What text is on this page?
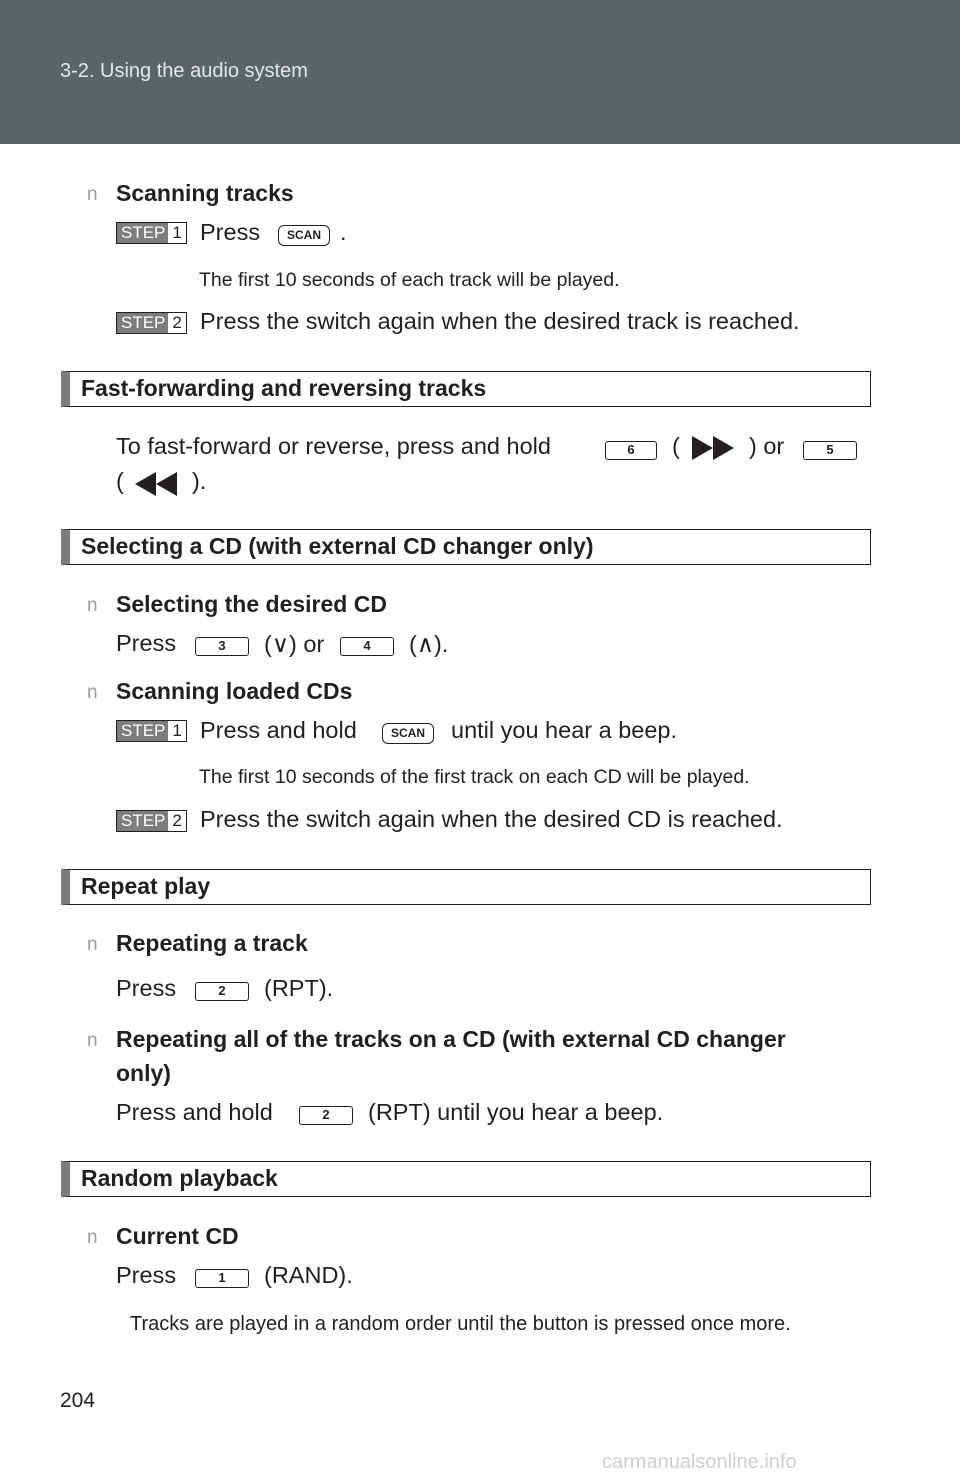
3-2. Using the audio system
n Scanning tracks
STEP 1 Press	SCAN .
The first 10 seconds of each track will be played.
STEP 2 Press the switch again when the desired track is reached.
Fast-forwarding and reversing tracks
To fast-forward or reverse, press and hold	6	(	) or	5
(	).
Selecting a CD (with external CD changer only)
n Selecting the desired CD
Press	3	(∨) or	4	(∧).
n Scanning loaded CDs
STEP 1 Press and hold	SCAN	until you hear a beep.
The first 10 seconds of the first track on each CD will be played.
STEP 2 Press the switch again when the desired CD is reached.
Repeat play
n Repeating a track
Press	2	(RPT).
n Repeating all of the tracks on a CD (with external CD changer
only)
Press and hold	2	(RPT) until you hear a beep.
Random playback
n Current CD
Press	1	(RAND).
Tracks are played in a random order until the button is pressed once more.
204
carmanualsonline.info
